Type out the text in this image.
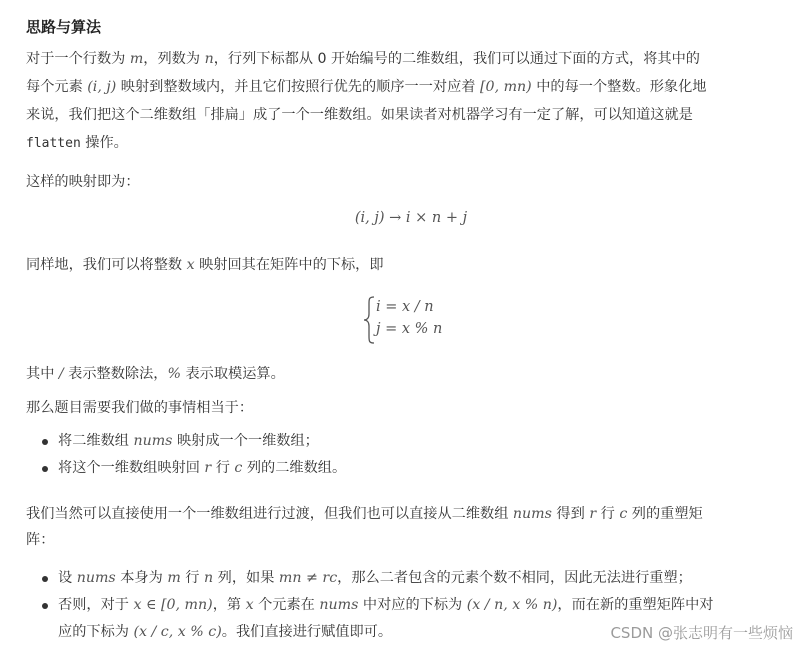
思路与算法
对于一个行数为 m，列数为 n，行列下标都从 0 开始编号的二维数组，我们可以通过下面的方式，将其中的
每个元素 (i, j) 映射到整数域内，并且它们按照行优先的顺序一一对应着 [0, mn) 中的每一个整数。形象化地
来说，我们把这个二维数组「排扁」成了一个一维数组。如果读者对机器学习有一定了解，可以知道这就是
flatten 操作。
这样的映射即为：
(i, j) → i × n + j
同样地，我们可以将整数 x 映射回其在矩阵中的下标，即
i = x / n
j = x % n
其中 / 表示整数除法，% 表示取模运算。
那么题目需要我们做的事情相当于：
将二维数组 nums 映射成一个一维数组；
将这个一维数组映射回 r 行 c 列的二维数组。
我们当然可以直接使用一个一维数组进行过渡，但我们也可以直接从二维数组 nums 得到 r 行 c 列的重塑矩
阵：
设 nums 本身为 m 行 n 列，如果 mn ≠ rc，那么二者包含的元素个数不相同，因此无法进行重塑；
否则，对于 x ∈ [0, mn)，第 x 个元素在 nums 中对应的下标为 (x / n, x % n)，而在新的重塑矩阵中对
应的下标为 (x / c, x % c)。我们直接进行赋值即可。	CSDN @张志明有一些烦恼
